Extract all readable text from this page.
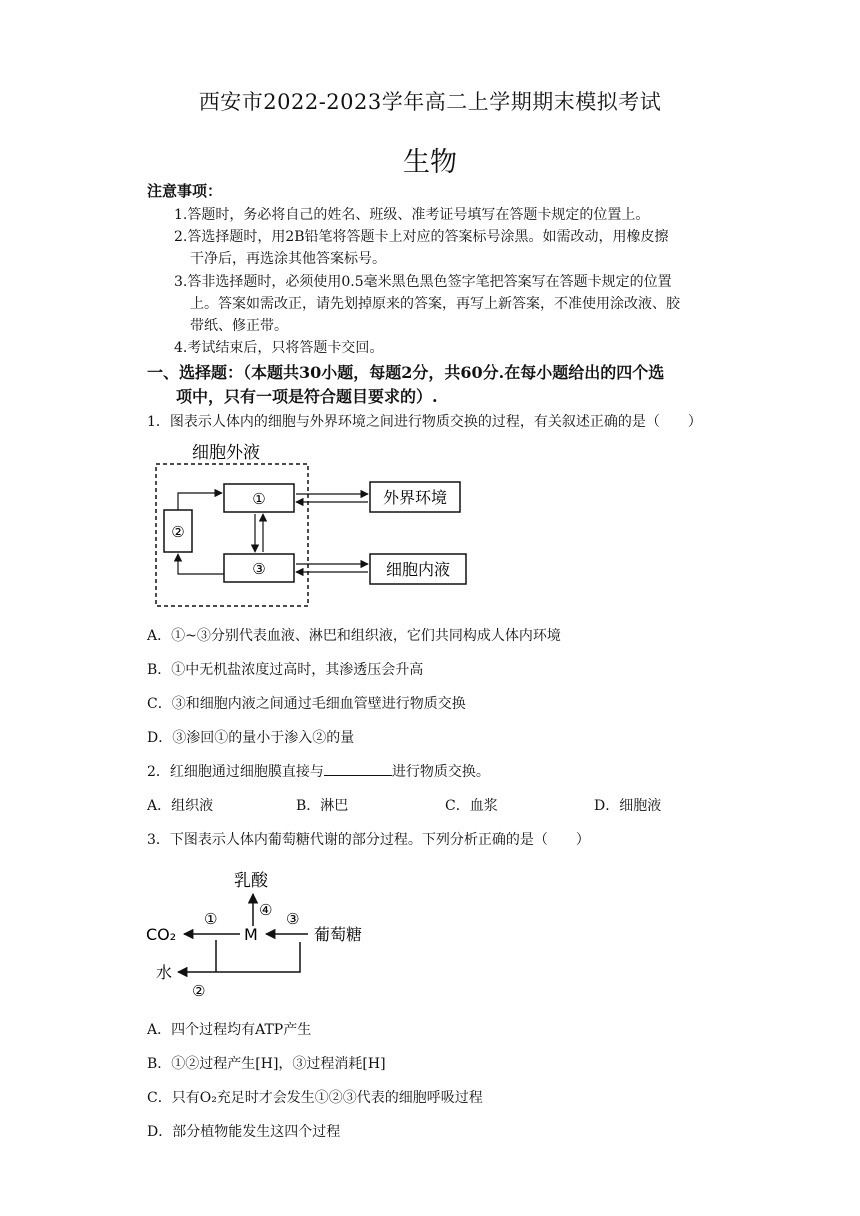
西安市2022-2023学年高二上学期期末模拟考试
生物
注意事项：
1.答题时，务必将自己的姓名、班级、准考证号填写在答题卡规定的位置上。
2.答选择题时，用2B铅笔将答题卡上对应的答案标号涂黑。如需改动，用橡皮擦
干净后，再选涂其他答案标号。
3.答非选择题时，必须使用0.5毫米黑色黑色签字笔把答案写在答题卡规定的位置
上。答案如需改正，请先划掉原来的答案，再写上新答案，不准使用涂改液、胶
带纸、修正带。
4.考试结束后，只将答题卡交回。
一、选择题：（本题共30小题，每题2分，共60分.在每小题给出的四个选
项中，只有一项是符合题目要求的）.
1．图表示人体内的细胞与外界环境之间进行物质交换的过程，有关叙述正确的是（　　）
细胞外液
①
②
③
外界环境
细胞内液
A．①~③分别代表血液、淋巴和组织液，它们共同构成人体内环境
B．①中无机盐浓度过高时，其渗透压会升高
C．③和细胞内液之间通过毛细血管壁进行物质交换
D．③渗回①的量小于渗入②的量
2．红细胞通过细胞膜直接与	进行物质交换。
A．组织液	B．淋巴	C．血浆	D．细胞液
3．下图表示人体内葡萄糖代谢的部分过程。下列分析正确的是（　　）
乳酸
④
CO₂
①
M
③
葡萄糖
水
②
A．四个过程均有ATP产生
B．①②过程产生[H]，③过程消耗[H]
C．只有O₂充足时才会发生①②③代表的细胞呼吸过程
D．部分植物能发生这四个过程
